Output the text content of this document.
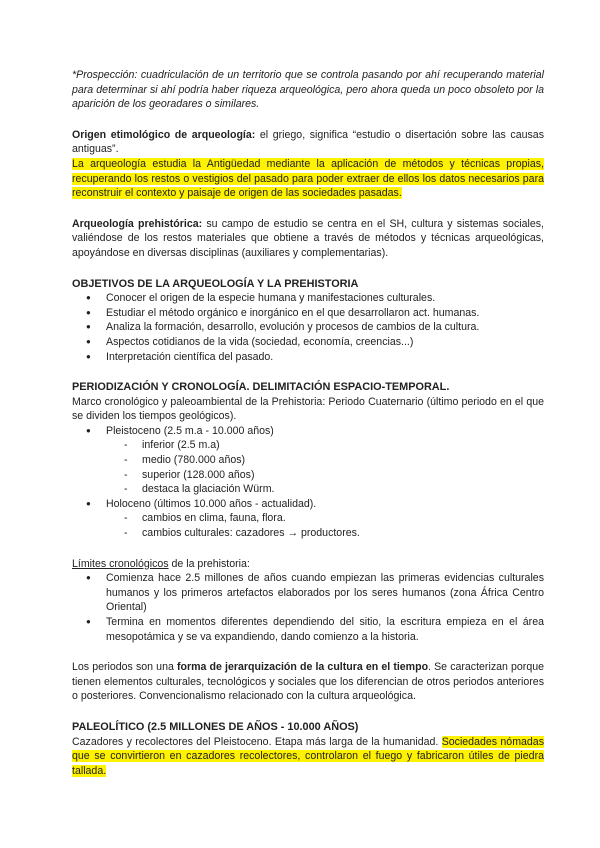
*Prospección: cuadriculación de un territorio que se controla pasando por ahí recuperando material para determinar si ahí podría haber riqueza arqueológica, pero ahora queda un poco obsoleto por la aparición de los georadares o similares.

Origen etimológico de arqueología: el griego, significa “estudio o disertación sobre las causas antiguas”.

La arqueología estudia la Antigüedad mediante la aplicación de métodos y técnicas propias, recuperando los restos o vestigios del pasado para poder extraer de ellos los datos necesarios para reconstruir el contexto y paisaje de origen de las sociedades pasadas.

Arqueología prehistórica: su campo de estudio se centra en el SH, cultura y sistemas sociales, valiéndose de los restos materiales que obtiene a través de métodos y técnicas arqueológicas, apoyándose en diversas disciplinas (auxiliares y complementarias).

OBJETIVOS DE LA ARQUEOLOGÍA Y LA PREHISTORIA

● Conocer el origen de la especie humana y manifestaciones culturales.
● Estudiar el método orgánico e inorgánico en el que desarrollaron act. humanas.
● Analiza la formación, desarrollo, evolución y procesos de cambios de la cultura.
● Aspectos cotidianos de la vida (sociedad, economía, creencias...)
● Interpretación científica del pasado.

PERIODIZACIÓN Y CRONOLOGÍA. DELIMITACIÓN ESPACIO-TEMPORAL.

Marco cronológico y paleoambiental de la Prehistoria: Periodo Cuaternario (último periodo en el que se dividen los tiempos geológicos).

● Pleistoceno (2.5 m.a - 10.000 años)
- inferior (2.5 m.a)
- medio (780.000 años)
- superior (128.000 años)
- destaca la glaciación Würm.
● Holoceno (últimos 10.000 años - actualidad).
- cambios en clima, fauna, flora.
- cambios culturales: cazadores → productores.

Límites cronológicos de la prehistoria:

● Comienza hace 2.5 millones de años cuando empiezan las primeras evidencias culturales humanos y los primeros artefactos elaborados por los seres humanos (zona África Centro Oriental)

● Termina en momentos diferentes dependiendo del sitio, la escritura empieza en el área mesopotámica y se va expandiendo, dando comienzo a la historia.

Los periodos son una forma de jerarquización de la cultura en el tiempo. Se caracterizan porque tienen elementos culturales, tecnológicos y sociales que los diferencian de otros periodos anteriores o posteriores. Convencionalismo relacionado con la cultura arqueológica.

PALEOLÍTICO (2.5 MILLONES DE AÑOS - 10.000 AÑOS)

Cazadores y recolectores del Pleistoceno. Etapa más larga de la humanidad. Sociedades nómadas que se convirtieron en cazadores recolectores, controlaron el fuego y fabricaron útiles de piedra tallada.
